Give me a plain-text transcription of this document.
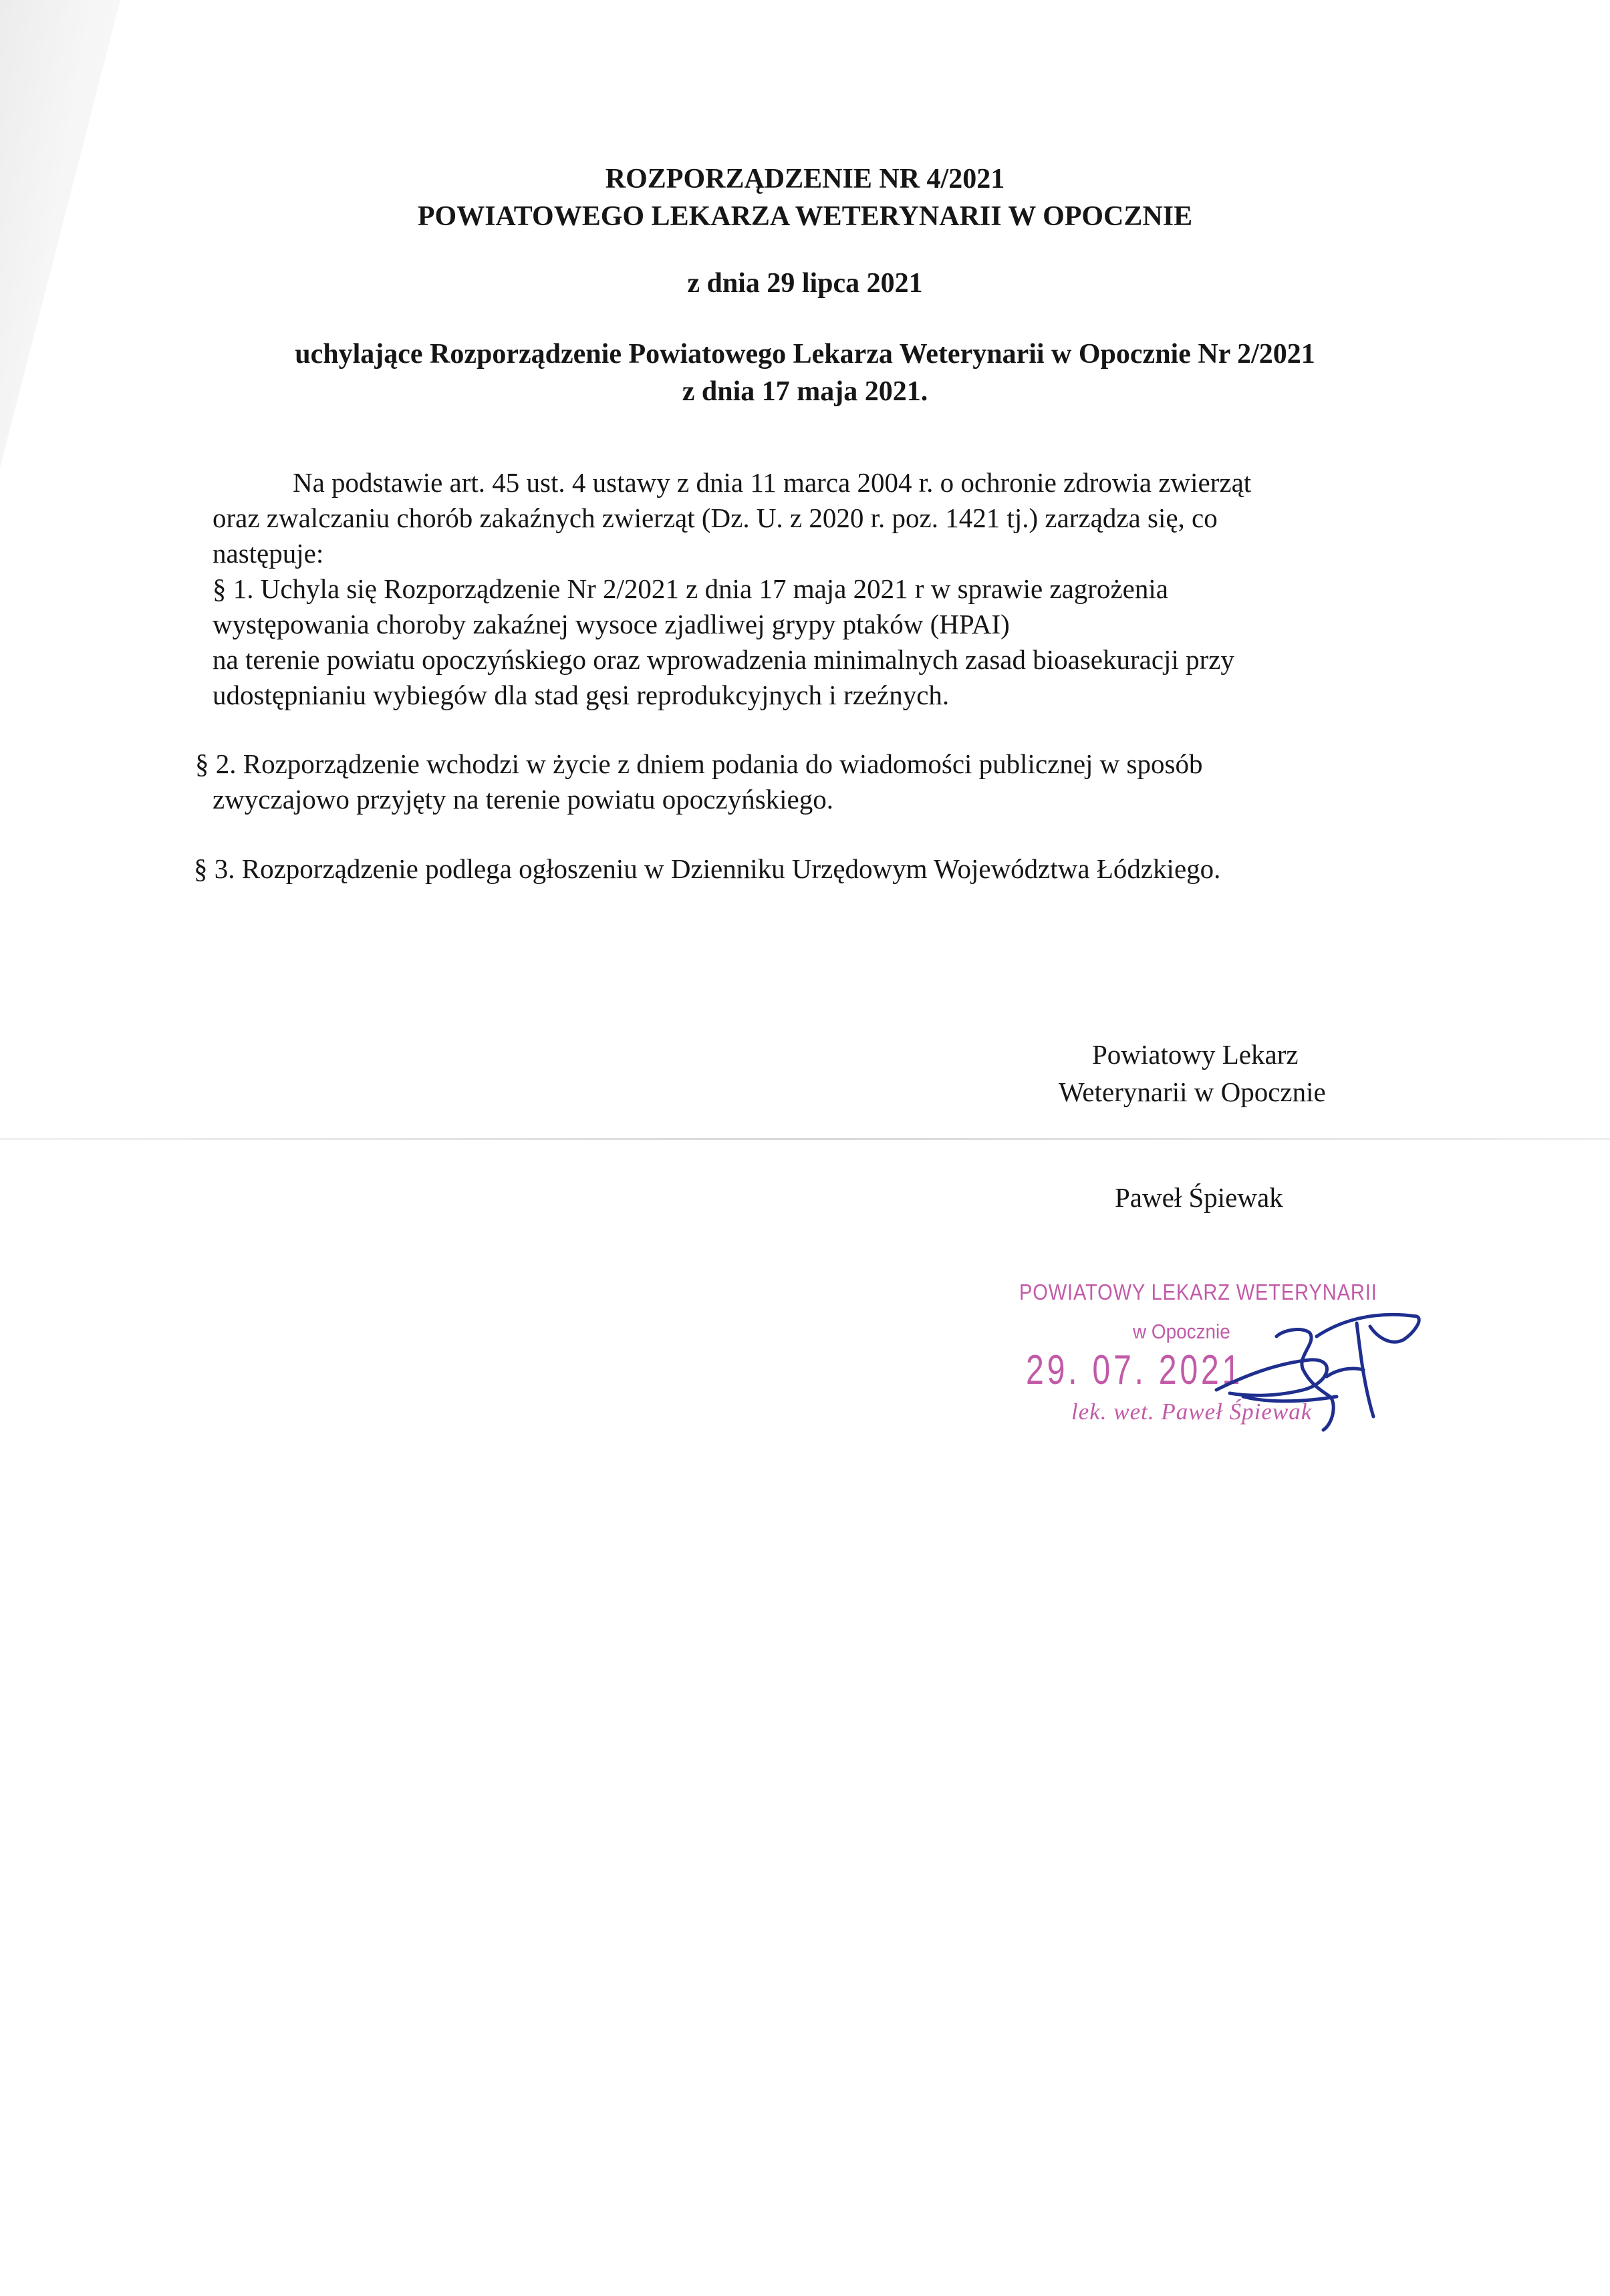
ROZPORZĄDZENIE NR 4/2021
POWIATOWEGO LEKARZA WETERYNARII W OPOCZNIE
z dnia 29 lipca 2021
uchylające Rozporządzenie Powiatowego Lekarza Weterynarii w Opocznie Nr 2/2021
z dnia 17 maja 2021.
Na podstawie art. 45 ust. 4 ustawy z dnia 11 marca 2004 r. o ochronie zdrowia zwierząt
oraz zwalczaniu chorób zakaźnych zwierząt (Dz. U. z 2020 r. poz. 1421 tj.) zarządza się, co
następuje:
§ 1. Uchyla się Rozporządzenie Nr 2/2021 z dnia 17 maja 2021 r w sprawie zagrożenia
występowania choroby zakaźnej wysoce zjadliwej grypy ptaków (HPAI)
na terenie powiatu opoczyńskiego oraz wprowadzenia minimalnych zasad bioasekuracji przy
udostępnianiu wybiegów dla stad gęsi reprodukcyjnych i rzeźnych.
§ 2. Rozporządzenie wchodzi w życie z dniem podania do wiadomości publicznej w sposób
zwyczajowo przyjęty na terenie powiatu opoczyńskiego.
§ 3. Rozporządzenie podlega ogłoszeniu w Dzienniku Urzędowym Województwa Łódzkiego.
Powiatowy Lekarz
Weterynarii w Opocznie
Paweł Śpiewak
POWIATOWY LEKARZ WETERYNARII
w Opocznie
29. 07. 2021
lek. wet. Paweł Śpiewak
